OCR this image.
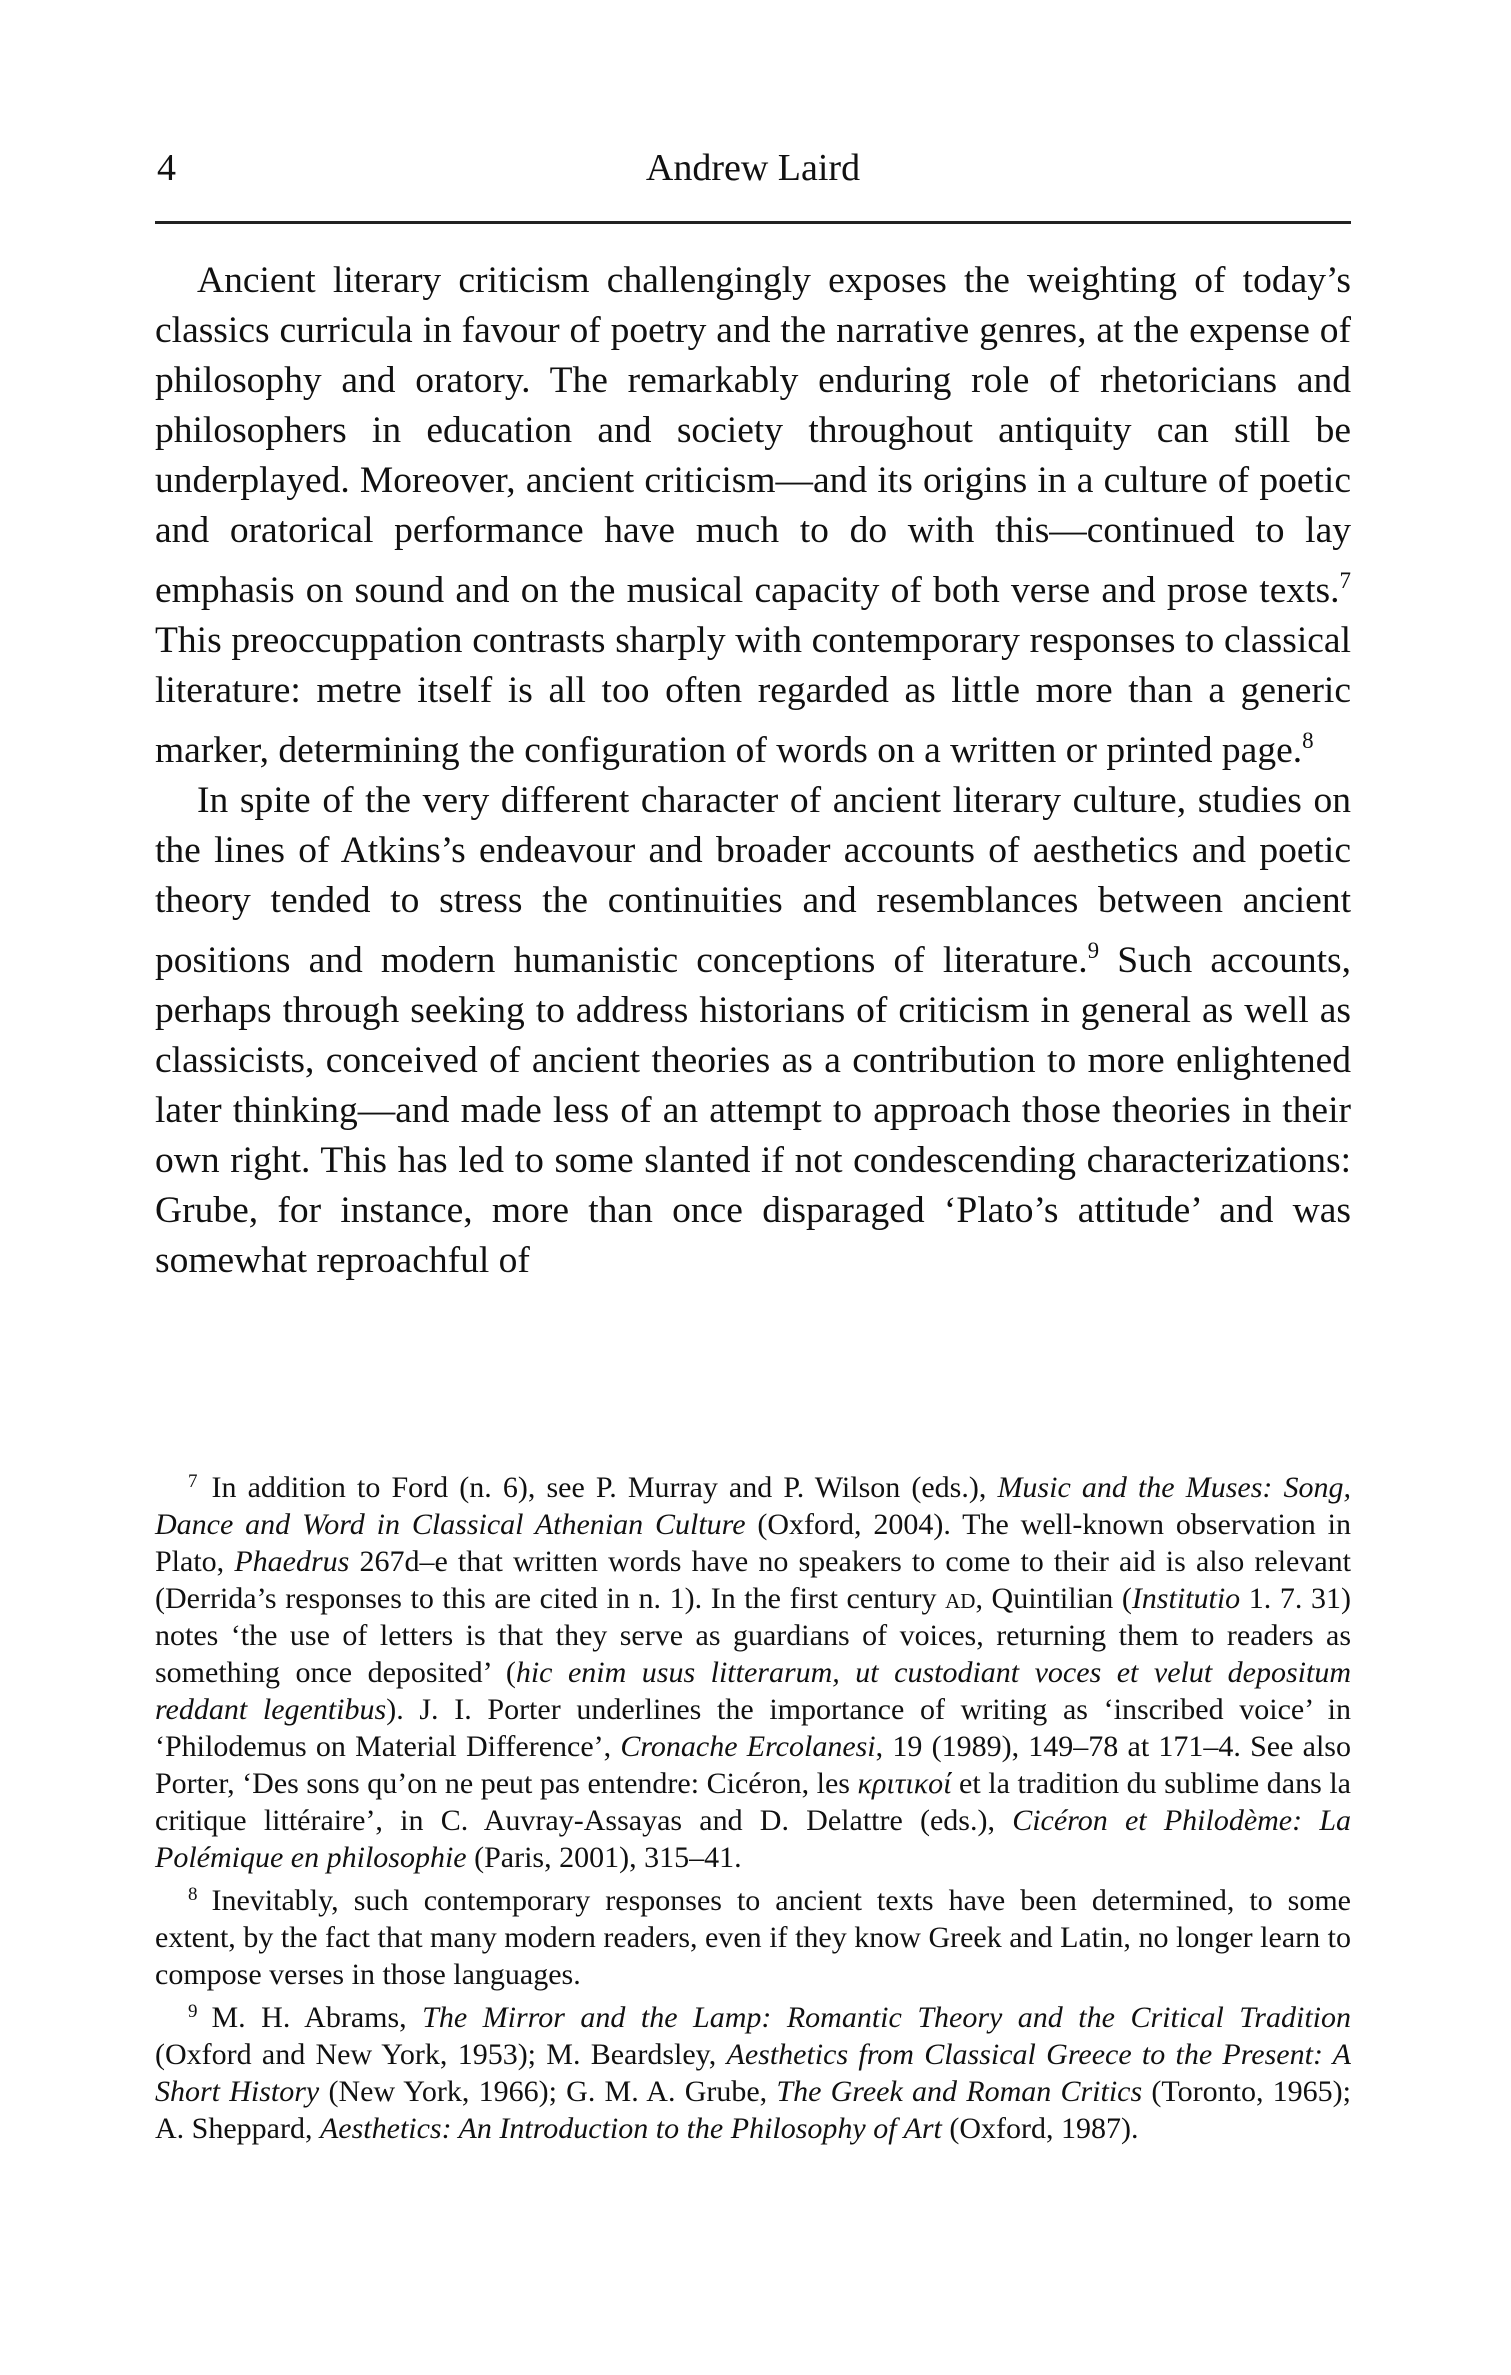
4	Andrew Laird

Ancient literary criticism challengingly exposes the weighting of today’s classics curricula in favour of poetry and the narrative genres, at the expense of philosophy and oratory. The remarkably enduring role of rhetoricians and philosophers in education and society throughout antiquity can still be underplayed. Moreover, ancient criticism—and its origins in a culture of poetic and oratorical performance have much to do with this—continued to lay emphasis on sound and on the musical capacity of both verse and prose texts.$^7$ This preoccuppation contrasts sharply with contemporary responses to classical literature: metre itself is all too often regarded as little more than a generic marker, determining the configuration of words on a written or printed page.$^8$

In spite of the very different character of ancient literary culture, studies on the lines of Atkins’s endeavour and broader accounts of aesthetics and poetic theory tended to stress the continuities and resemblances between ancient positions and modern humanistic conceptions of literature.$^9$ Such accounts, perhaps through seeking to address historians of criticism in general as well as classicists, conceived of ancient theories as a contribution to more enlightened later thinking—and made less of an attempt to approach those theories in their own right. This has led to some slanted if not condescending characterizations: Grube, for instance, more than once disparaged ‘Plato’s attitude’ and was somewhat reproachful of

$^7$ In addition to Ford (n. 6), see P. Murray and P. Wilson (eds.), Music and the Muses: Song, Dance and Word in Classical Athenian Culture (Oxford, 2004). The well-known observation in Plato, Phaedrus 267d–e that written words have no speakers to come to their aid is also relevant (Derrida’s responses to this are cited in n. 1). In the first century ad, Quintilian (Institutio 1. 7. 31) notes ‘the use of letters is that they serve as guardians of voices, returning them to readers as something once deposited’ (hic enim usus litterarum, ut custodiant voces et velut depositum reddant legentibus). J. I. Porter underlines the importance of writing as ‘inscribed voice’ in ‘Philodemus on Material Difference’, Cronache Ercolanesi, 19 (1989), 149–78 at 171–4. See also Porter, ‘Des sons qu’on ne peut pas entendre: Cicéron, les κριτικοί et la tradition du sublime dans la critique littéraire’, in C. Auvray-Assayas and D. Delattre (eds.), Cicéron et Philodème: La Polémique en philosophie (Paris, 2001), 315–41.

$^8$ Inevitably, such contemporary responses to ancient texts have been determined, to some extent, by the fact that many modern readers, even if they know Greek and Latin, no longer learn to compose verses in those languages.

$^9$ M. H. Abrams, The Mirror and the Lamp: Romantic Theory and the Critical Tradition (Oxford and New York, 1953); M. Beardsley, Aesthetics from Classical Greece to the Present: A Short History (New York, 1966); G. M. A. Grube, The Greek and Roman Critics (Toronto, 1965); A. Sheppard, Aesthetics: An Introduction to the Philosophy of Art (Oxford, 1987).
